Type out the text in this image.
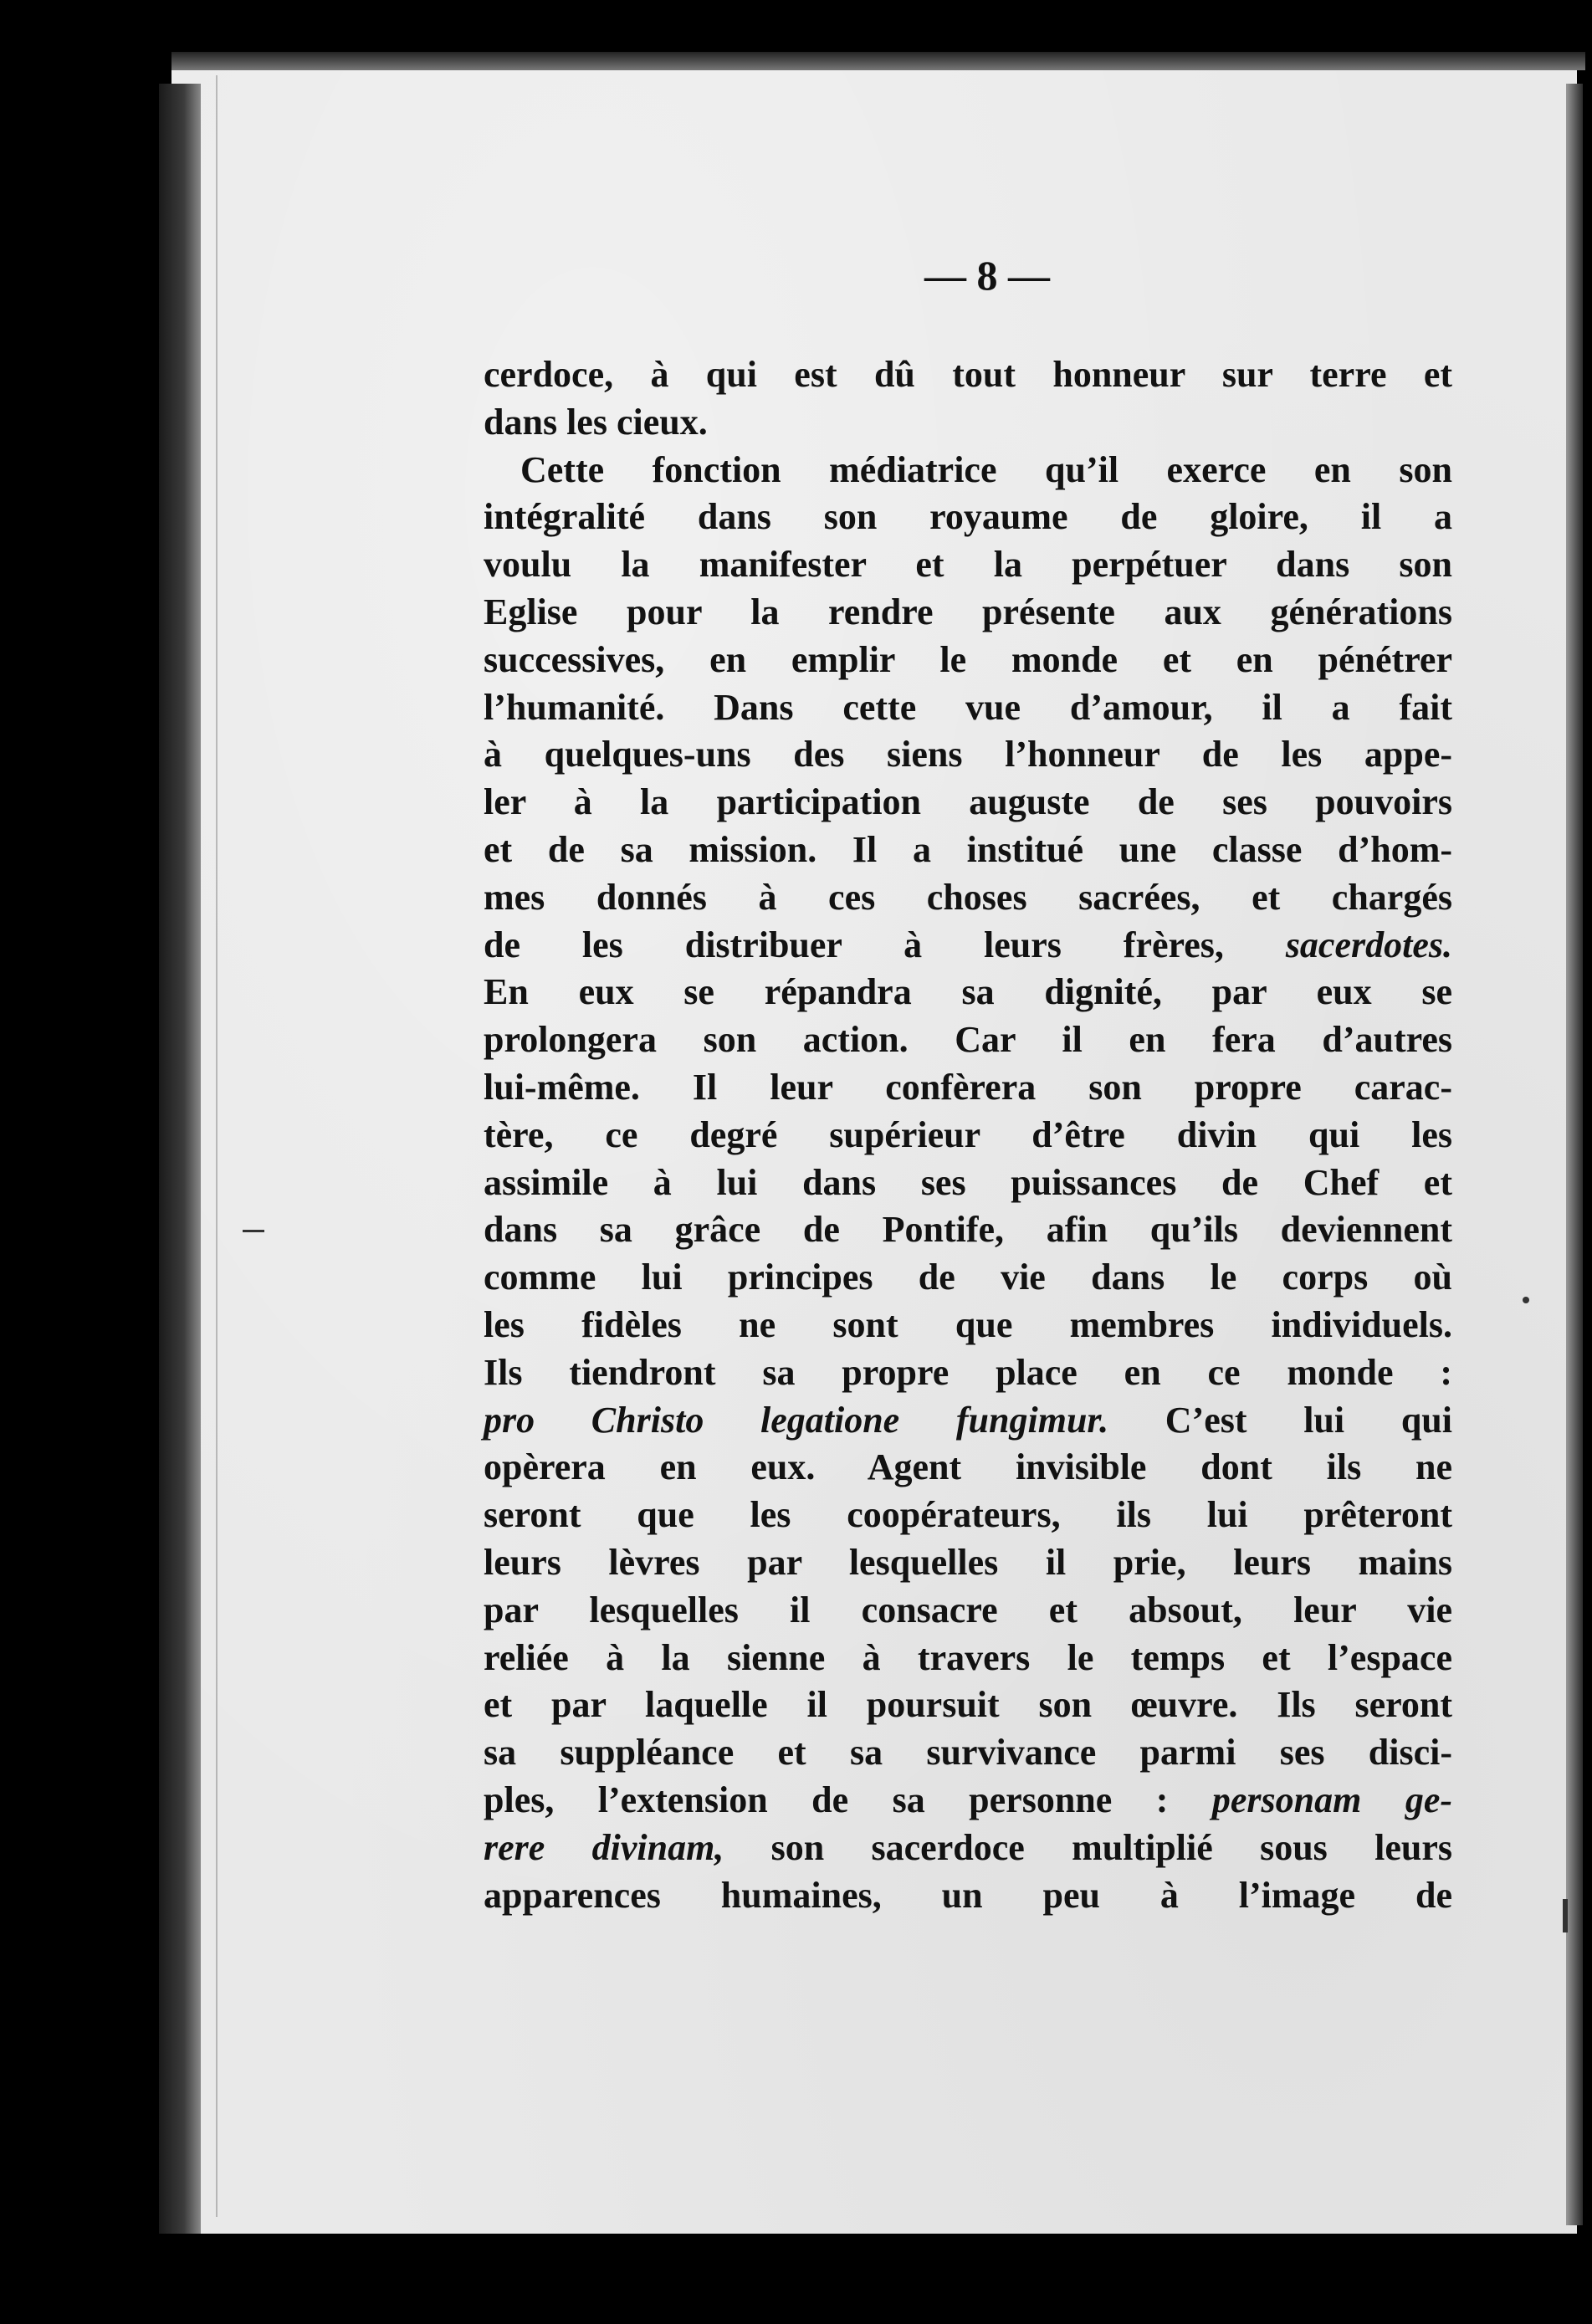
— 8 —
cerdoce, à qui est dû tout honneur sur terre et
dans les cieux.
Cette fonction médiatrice qu’il exerce en son
intégralité dans son royaume de gloire, il a
voulu la manifester et la perpétuer dans son
Eglise pour la rendre présente aux générations
successives, en emplir le monde et en pénétrer
l’humanité. Dans cette vue d’amour, il a fait
à quelques-uns des siens l’honneur de les appe-
ler à la participation auguste de ses pouvoirs
et de sa mission. Il a institué une classe d’hom-
mes donnés à ces choses sacrées, et chargés
de les distribuer à leurs frères, sacerdotes.
En eux se répandra sa dignité, par eux se
prolongera son action. Car il en fera d’autres
lui-même. Il leur confèrera son propre carac-
tère, ce degré supérieur d’être divin qui les
assimile à lui dans ses puissances de Chef et
dans sa grâce de Pontife, afin qu’ils deviennent
comme lui principes de vie dans le corps où
les fidèles ne sont que membres individuels.
Ils tiendront sa propre place en ce monde :
pro Christo legatione fungimur. C’est lui qui
opèrera en eux. Agent invisible dont ils ne
seront que les coopérateurs, ils lui prêteront
leurs lèvres par lesquelles il prie, leurs mains
par lesquelles il consacre et absout, leur vie
reliée à la sienne à travers le temps et l’espace
et par laquelle il poursuit son œuvre. Ils seront
sa suppléance et sa survivance parmi ses disci-
ples, l’extension de sa personne : personam ge-
rere divinam, son sacerdoce multiplié sous leurs
apparences humaines, un peu à l’image de
